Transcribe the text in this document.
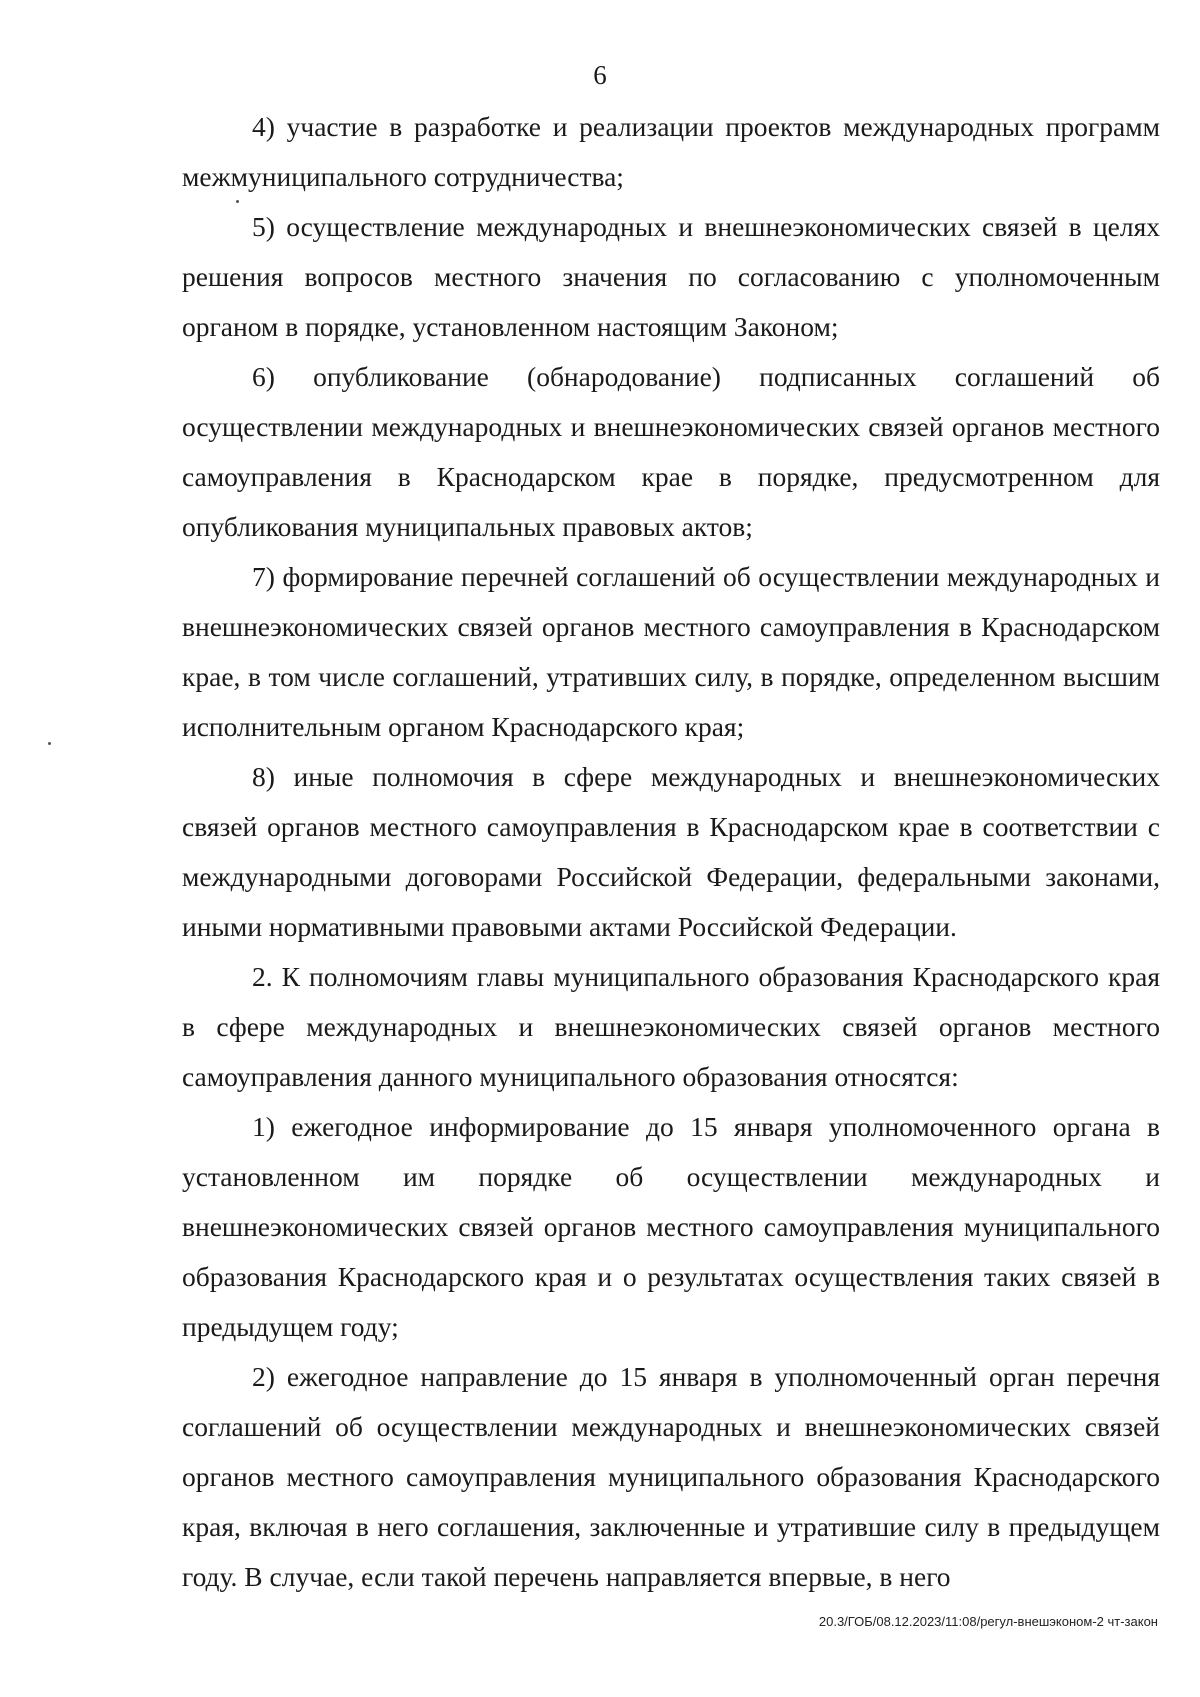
6

4) участие в разработке и реализации проектов международных программ межмуниципального сотрудничества;

5) осуществление международных и внешнеэкономических связей в целях решения вопросов местного значения по согласованию с уполномоченным органом в порядке, установленном настоящим Законом;

6) опубликование (обнародование) подписанных соглашений об осуществлении международных и внешнеэкономических связей органов местного самоуправления в Краснодарском крае в порядке, предусмотренном для опубликования муниципальных правовых актов;

7) формирование перечней соглашений об осуществлении международных и внешнеэкономических связей органов местного самоуправления в Краснодарском крае, в том числе соглашений, утративших силу, в порядке, определенном высшим исполнительным органом Краснодарского края;

8) иные полномочия в сфере международных и внешнеэкономических связей органов местного самоуправления в Краснодарском крае в соответствии с международными договорами Российской Федерации, федеральными законами, иными нормативными правовыми актами Российской Федерации.

2. К полномочиям главы муниципального образования Краснодарского края в сфере международных и внешнеэкономических связей органов местного самоуправления данного муниципального образования относятся:

1) ежегодное информирование до 15 января уполномоченного органа в установленном им порядке об осуществлении международных и внешнеэкономических связей органов местного самоуправления муниципального образования Краснодарского края и о результатах осуществления таких связей в предыдущем году;

2) ежегодное направление до 15 января в уполномоченный орган перечня соглашений об осуществлении международных и внешнеэкономических связей органов местного самоуправления муниципального образования Краснодарского края, включая в него соглашения, заключенные и утратившие силу в предыдущем году. В случае, если такой перечень направляется впервые, в него

20.3/ГОБ/08.12.2023/11:08/регул-внешэконом-2 чт-закон
